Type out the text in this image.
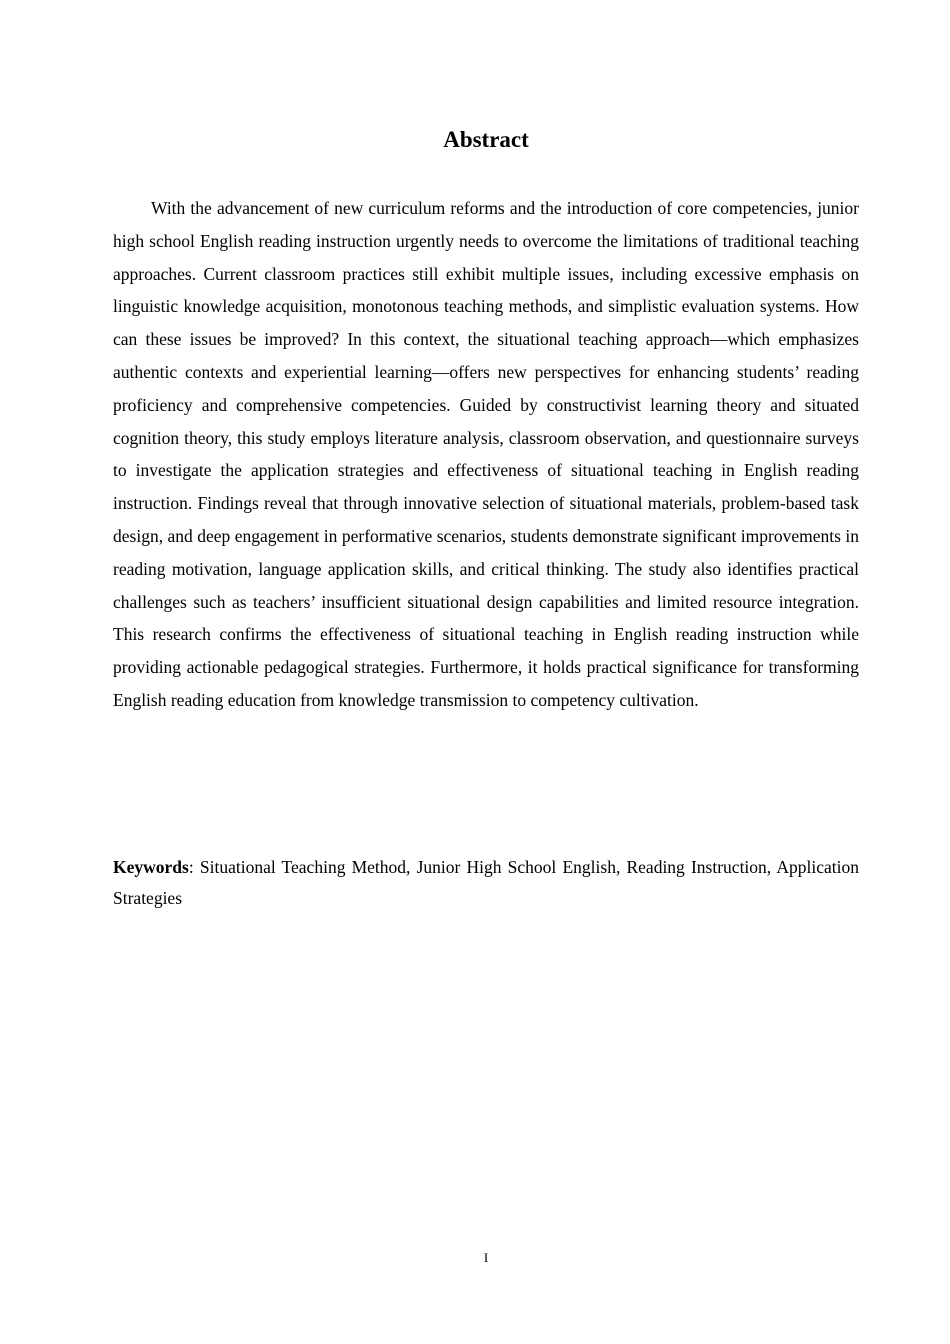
Abstract

With the advancement of new curriculum reforms and the introduction of core competencies, junior high school English reading instruction urgently needs to overcome the limitations of traditional teaching approaches. Current classroom practices still exhibit multiple issues, including excessive emphasis on linguistic knowledge acquisition, monotonous teaching methods, and simplistic evaluation systems. How can these issues be improved? In this context, the situational teaching approach—which emphasizes authentic contexts and experiential learning—offers new perspectives for enhancing students’ reading proficiency and comprehensive competencies. Guided by constructivist learning theory and situated cognition theory, this study employs literature analysis, classroom observation, and questionnaire surveys to investigate the application strategies and effectiveness of situational teaching in English reading instruction. Findings reveal that through innovative selection of situational materials, problem-based task design, and deep engagement in performative scenarios, students demonstrate significant improvements in reading motivation, language application skills, and critical thinking. The study also identifies practical challenges such as teachers’ insufficient situational design capabilities and limited resource integration. This research confirms the effectiveness of situational teaching in English reading instruction while providing actionable pedagogical strategies. Furthermore, it holds practical significance for transforming English reading education from knowledge transmission to competency cultivation.

Keywords: Situational Teaching Method, Junior High School English, Reading Instruction, Application Strategies

I
